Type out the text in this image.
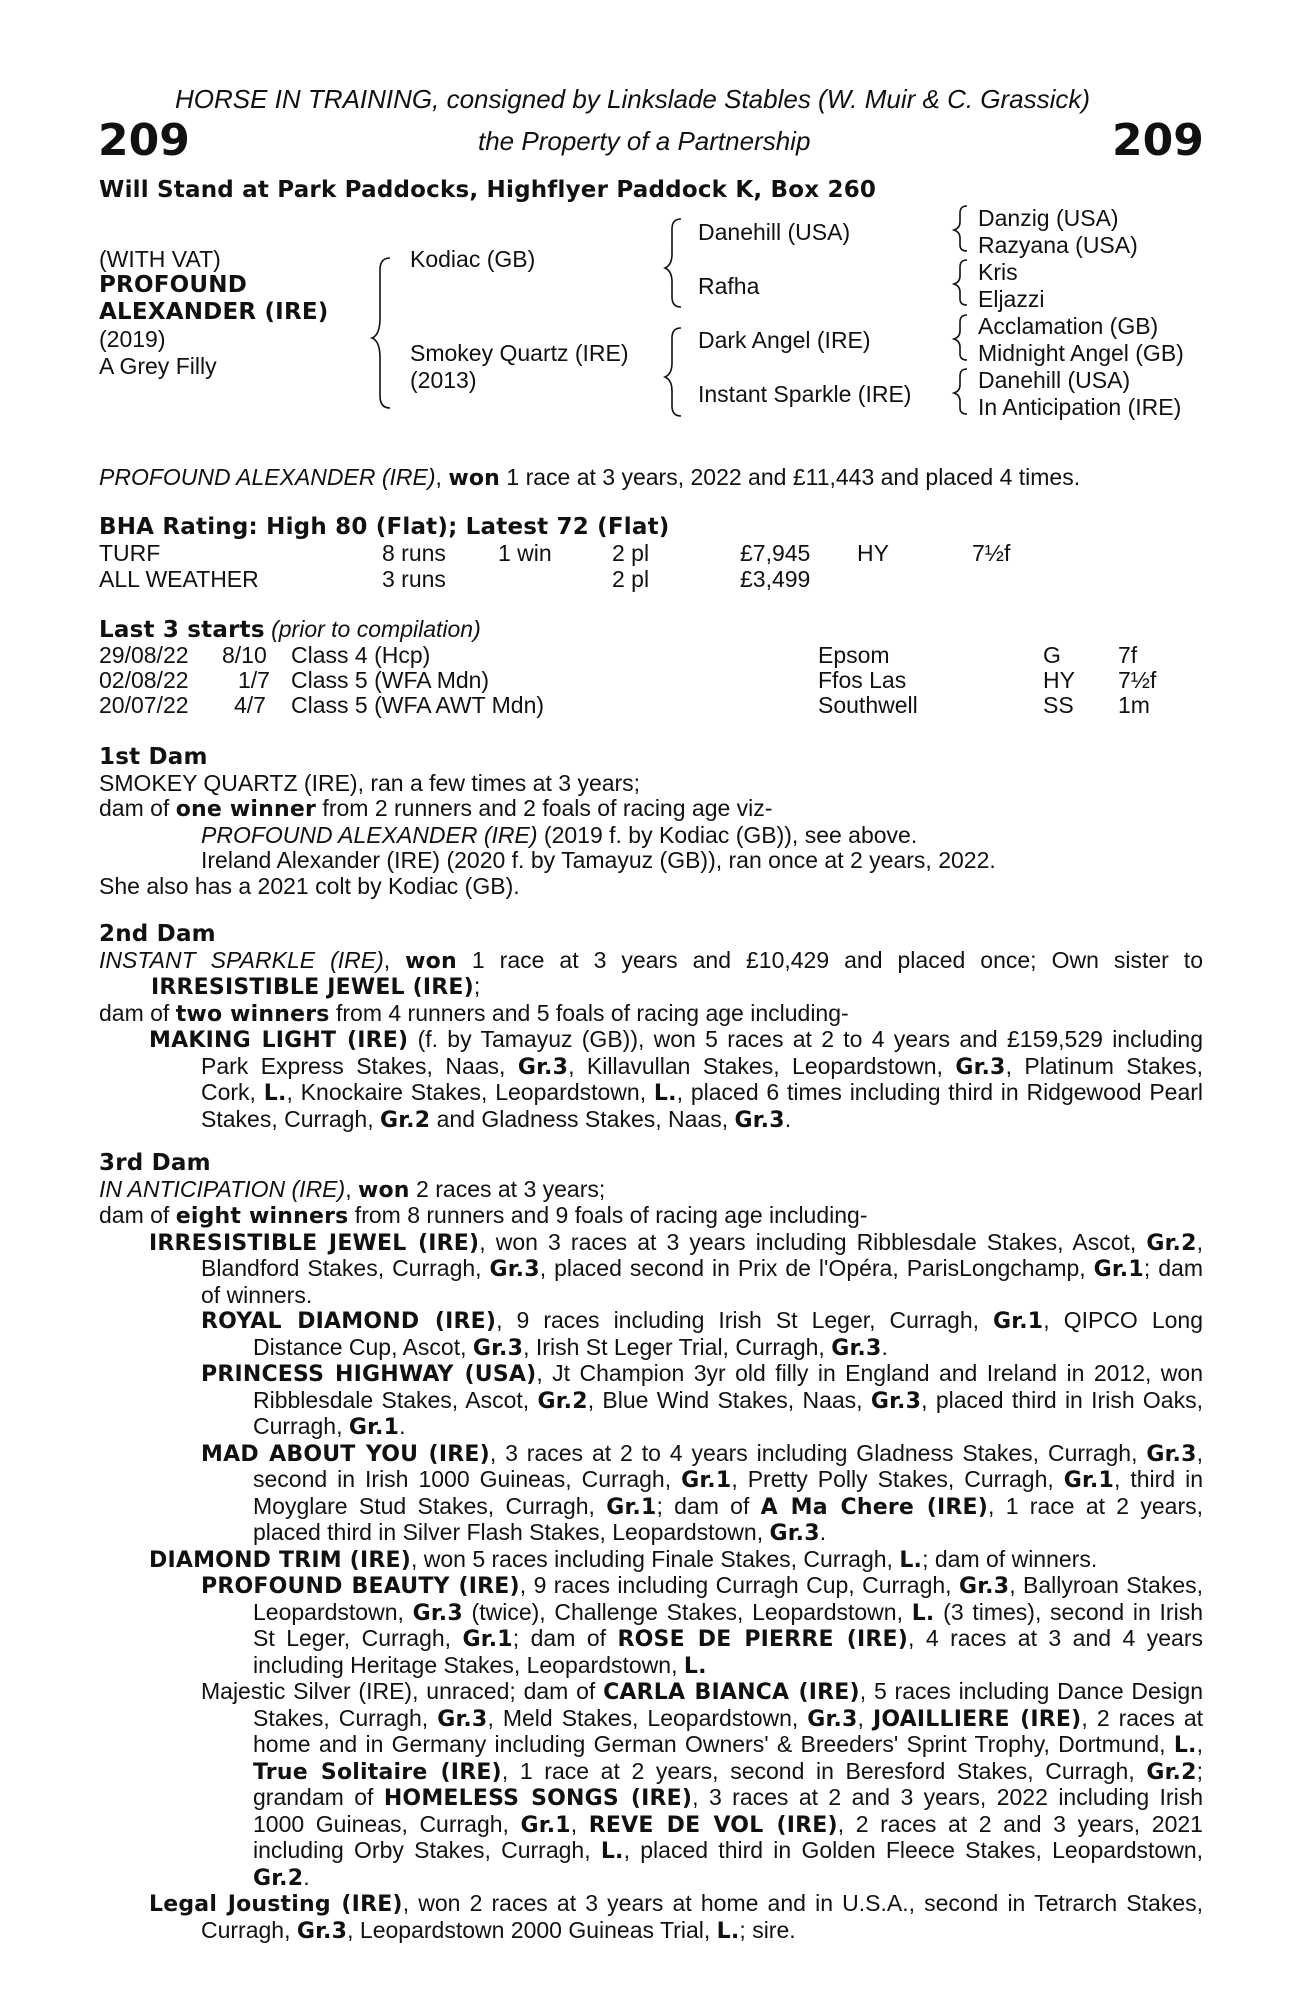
HORSE IN TRAINING, consigned by Linkslade Stables (W. Muir & C. Grassick)
209	the Property of a Partnership	209
Will Stand at Park Paddocks, Highflyer Paddock K, Box 260
(WITH VAT)
PROFOUND
ALEXANDER (IRE)
(2019)
A Grey Filly
Kodiac (GB)
Smokey Quartz (IRE)
(2013)
Danehill (USA)
Rafha
Dark Angel (IRE)
Instant Sparkle (IRE)
Danzig (USA)
Razyana (USA)
Kris
Eljazzi
Acclamation (GB)
Midnight Angel (GB)
Danehill (USA)
In Anticipation (IRE)
PROFOUND ALEXANDER (IRE), won 1 race at 3 years, 2022 and £11,443 and placed 4 times.
BHA Rating: High 80 (Flat); Latest 72 (Flat)
TURF	8 runs 1 win	2 pl	£7,945 HY	7½f
ALL WEATHER	3 runs	2 pl	£3,499
Last 3 starts (prior to compilation)
29/08/22 8/10 Class 4 (Hcp)	Epsom	G 7f
02/08/22 1/7 Class 5 (WFA Mdn)	Ffos Las	HY 7½f
20/07/22 4/7 Class 5 (WFA AWT Mdn)	Southwell	SS 1m

1st Dam
SMOKEY QUARTZ (IRE), ran a few times at 3 years;
dam of one winner from 2 runners and 2 foals of racing age viz-

PROFOUND ALEXANDER (IRE) (2019 f. by Kodiac (GB)), see above.
Ireland Alexander (IRE) (2020 f. by Tamayuz (GB)), ran once at 2 years, 2022.
She also has a 2021 colt by Kodiac (GB).

2nd Dam

INSTANT SPARKLE (IRE), won 1 race at 3 years and £10,429 and placed once; Own sister to IRRESISTIBLE JEWEL (IRE);
dam of two winners from 4 runners and 5 foals of racing age including-

MAKING LIGHT (IRE) (f. by Tamayuz (GB)), won 5 races at 2 to 4 years and £159,529 including Park Express Stakes, Naas, Gr.3, Killavullan Stakes, Leopardstown, Gr.3, Platinum Stakes, Cork, L., Knockaire Stakes, Leopardstown, L., placed 6 times including third in Ridgewood Pearl Stakes, Curragh, Gr.2 and Gladness Stakes, Naas, Gr.3.

3rd Dam
IN ANTICIPATION (IRE), won 2 races at 3 years;
dam of eight winners from 8 runners and 9 foals of racing age including-

IRRESISTIBLE JEWEL (IRE), won 3 races at 3 years including Ribblesdale Stakes, Ascot, Gr.2, Blandford Stakes, Curragh, Gr.3, placed second in Prix de l'Opéra, ParisLongchamp, Gr.1; dam of winners.
ROYAL DIAMOND (IRE), 9 races including Irish St Leger, Curragh, Gr.1, QIPCO Long Distance Cup, Ascot, Gr.3, Irish St Leger Trial, Curragh, Gr.3.
PRINCESS HIGHWAY (USA), Jt Champion 3yr old filly in England and Ireland in 2012, won Ribblesdale Stakes, Ascot, Gr.2, Blue Wind Stakes, Naas, Gr.3, placed third in Irish Oaks, Curragh, Gr.1.
MAD ABOUT YOU (IRE), 3 races at 2 to 4 years including Gladness Stakes, Curragh, Gr.3, second in Irish 1000 Guineas, Curragh, Gr.1, Pretty Polly Stakes, Curragh, Gr.1, third in Moyglare Stud Stakes, Curragh, Gr.1; dam of A Ma Chere (IRE), 1 race at 2 years, placed third in Silver Flash Stakes, Leopardstown, Gr.3.
DIAMOND TRIM (IRE), won 5 races including Finale Stakes, Curragh, L.; dam of winners.
PROFOUND BEAUTY (IRE), 9 races including Curragh Cup, Curragh, Gr.3, Ballyroan Stakes, Leopardstown, Gr.3 (twice), Challenge Stakes, Leopardstown, L. (3 times), second in Irish St Leger, Curragh, Gr.1; dam of ROSE DE PIERRE (IRE), 4 races at 3 and 4 years including Heritage Stakes, Leopardstown, L.
Majestic Silver (IRE), unraced; dam of CARLA BIANCA (IRE), 5 races including Dance Design Stakes, Curragh, Gr.3, Meld Stakes, Leopardstown, Gr.3, JOAILLIERE (IRE), 2 races at home and in Germany including German Owners' & Breeders' Sprint Trophy, Dortmund, L., True Solitaire (IRE), 1 race at 2 years, second in Beresford Stakes, Curragh, Gr.2; grandam of HOMELESS SONGS (IRE), 3 races at 2 and 3 years, 2022 including Irish 1000 Guineas, Curragh, Gr.1, REVE DE VOL (IRE), 2 races at 2 and 3 years, 2021 including Orby Stakes, Curragh, L., placed third in Golden Fleece Stakes, Leopardstown, Gr.2.
Legal Jousting (IRE), won 2 races at 3 years at home and in U.S.A., second in Tetrarch Stakes, Curragh, Gr.3, Leopardstown 2000 Guineas Trial, L.; sire.
